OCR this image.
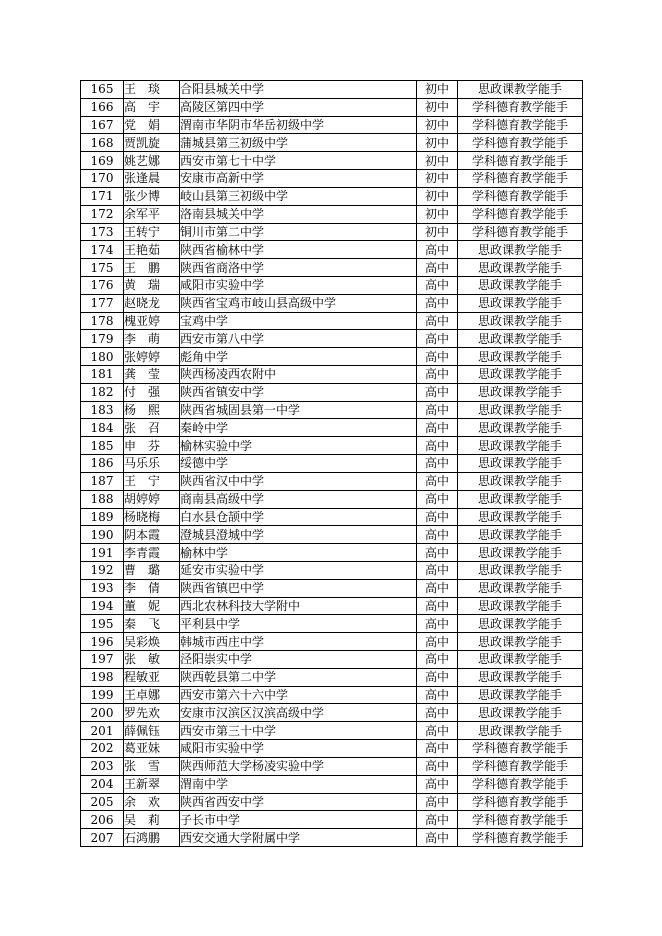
165	王　琰	合阳县城关中学	初中	思政课教学能手
166	高　宇	高陵区第四中学	初中	学科德育教学能手
167	党　娟	渭南市华阴市华岳初级中学	初中	学科德育教学能手
168	贾凯旋	蒲城县第三初级中学	初中	学科德育教学能手
169	姚艺娜	西安市第七十中学	初中	学科德育教学能手
170	张逢晨	安康市高新中学	初中	学科德育教学能手
171	张少博	岐山县第三初级中学	初中	学科德育教学能手
172	余军平	洛南县城关中学	初中	学科德育教学能手
173	王转宁	铜川市第二中学	初中	学科德育教学能手
174	王艳茹	陕西省榆林中学	高中	思政课教学能手
175	王　鹏	陕西省商洛中学	高中	思政课教学能手
176	黄　瑞	咸阳市实验中学	高中	思政课教学能手
177	赵晓龙	陕西省宝鸡市岐山县高级中学	高中	思政课教学能手
178	槐亚婷	宝鸡中学	高中	思政课教学能手
179	李　萌	西安市第八中学	高中	思政课教学能手
180	张婷婷	彪角中学	高中	思政课教学能手
181	龚　莹	陕西杨凌西农附中	高中	思政课教学能手
182	付　强	陕西省镇安中学	高中	思政课教学能手
183	杨　熙	陕西省城固县第一中学	高中	思政课教学能手
184	张　召	秦岭中学	高中	思政课教学能手
185	申　芬	榆林实验中学	高中	思政课教学能手
186	马乐乐	绥德中学	高中	思政课教学能手
187	王　宁	陕西省汉中中学	高中	思政课教学能手
188	胡婷婷	商南县高级中学	高中	思政课教学能手
189	杨晓梅	白水县仓颉中学	高中	思政课教学能手
190	阴本霞	澄城县澄城中学	高中	思政课教学能手
191	李青霞	榆林中学	高中	思政课教学能手
192	曹　璐	延安市实验中学	高中	思政课教学能手
193	李　倩	陕西省镇巴中学	高中	思政课教学能手
194	董　妮	西北农林科技大学附中	高中	思政课教学能手
195	秦　飞	平利县中学	高中	思政课教学能手
196	吴彩焕	韩城市西庄中学	高中	思政课教学能手
197	张　敏	泾阳崇实中学	高中	思政课教学能手
198	程敏亚	陕西乾县第二中学	高中	思政课教学能手
199	王卓娜	西安市第六十六中学	高中	思政课教学能手
200	罗先欢	安康市汉滨区汉滨高级中学	高中	思政课教学能手
201	薛佩钰	西安市第三十中学	高中	思政课教学能手
202	葛亚妹	咸阳市实验中学	高中	学科德育教学能手
203	张　雪	陕西师范大学杨凌实验中学	高中	学科德育教学能手
204	王新翠	渭南中学	高中	学科德育教学能手
205	余　欢	陕西省西安中学	高中	学科德育教学能手
206	吴　莉	子长市中学	高中	学科德育教学能手
207	石鸿鹏	西安交通大学附属中学	高中	学科德育教学能手
